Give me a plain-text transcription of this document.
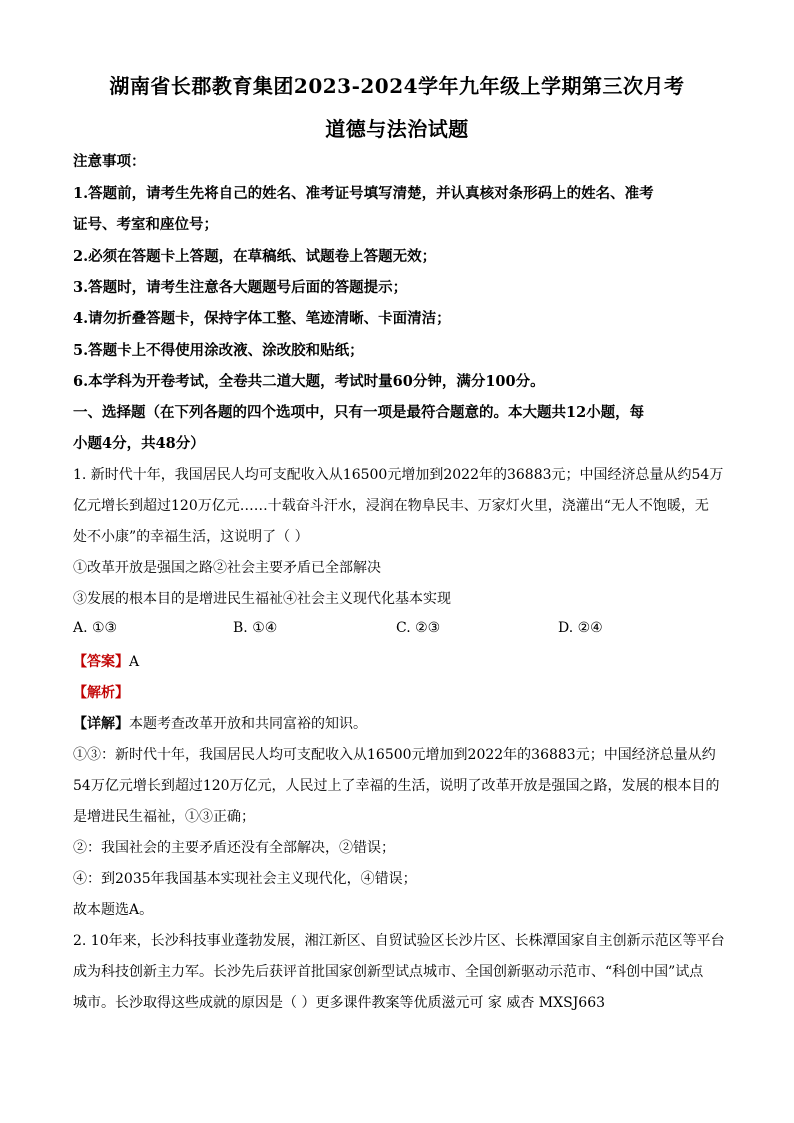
湖南省长郡教育集团2023-2024学年九年级上学期第三次月考
道德与法治试题
注意事项：
1.答题前，请考生先将自己的姓名、准考证号填写清楚，并认真核对条形码上的姓名、准考
证号、考室和座位号；
2.必须在答题卡上答题，在草稿纸、试题卷上答题无效；
3.答题时，请考生注意各大题题号后面的答题提示；
4.请勿折叠答题卡，保持字体工整、笔迹清晰、卡面清洁；
5.答题卡上不得使用涂改液、涂改胶和贴纸；
6.本学科为开卷考试，全卷共二道大题，考试时量60分钟，满分100分。
一、选择题（在下列各题的四个选项中，只有一项是最符合题意的。本大题共12小题，每
小题4分，共48分）
1. 新时代十年，我国居民人均可支配收入从16500元增加到2022年的36883元；中国经济总量从约54万
亿元增长到超过120万亿元……十载奋斗汗水，浸润在物阜民丰、万家灯火里，浇灌出“无人不饱暖，无
处不小康”的幸福生活，这说明了（ ）
①改革开放是强国之路②社会主要矛盾已全部解决
③发展的根本目的是增进民生福祉④社会主义现代化基本实现
A. ①③	B. ①④	C. ②③	D. ②④
【答案】A
【解析】
【详解】本题考查改革开放和共同富裕的知识。
①③：新时代十年，我国居民人均可支配收入从16500元增加到2022年的36883元；中国经济总量从约
54万亿元增长到超过120万亿元，人民过上了幸福的生活，说明了改革开放是强国之路，发展的根本目的
是增进民生福祉，①③正确；
②：我国社会的主要矛盾还没有全部解决，②错误；
④：到2035年我国基本实现社会主义现代化，④错误；
故本题选A。
2. 10年来，长沙科技事业蓬勃发展，湘江新区、自贸试验区长沙片区、长株潭国家自主创新示范区等平台
成为科技创新主力军。长沙先后获评首批国家创新型试点城市、全国创新驱动示范市、“科创中国”试点
城市。长沙取得这些成就的原因是（ ）更多课件教案等优质滋元可 家 威杏 MXSJ663
